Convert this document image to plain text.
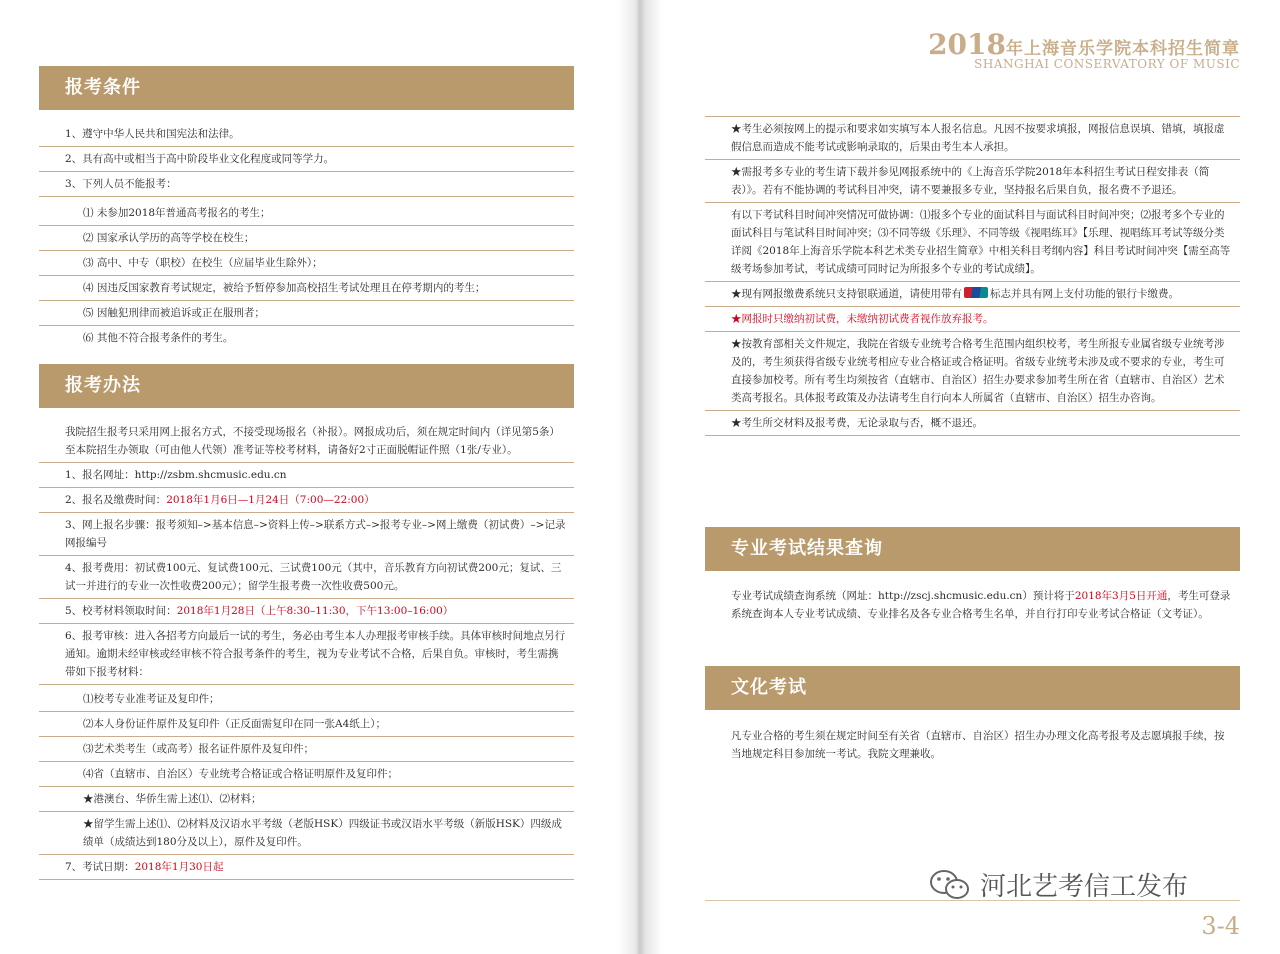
报考条件
1、遵守中华人民共和国宪法和法律。
2、具有高中或相当于高中阶段毕业文化程度或同等学力。
3、下列人员不能报考：
⑴ 未参加2018年普通高考报名的考生；
⑵ 国家承认学历的高等学校在校生；
⑶ 高中、中专（职校）在校生（应届毕业生除外）；
⑷ 因违反国家教育考试规定，被给予暂停参加高校招生考试处理且在停考期内的考生；
⑸ 因触犯刑律而被追诉或正在服刑者；
⑹ 其他不符合报考条件的考生。
报考办法
我院招生报考只采用网上报名方式，不接受现场报名（补报）。网报成功后，须在规定时间内（详见第5条）至本院招生办领取（可由他人代领）准考证等校考材料，请备好2寸正面脱帽证件照（1张/专业）。
1、报名网址：http://zsbm.shcmusic.edu.cn
2、报名及缴费时间：2018年1月6日—1月24日（7:00—22:00）
3、网上报名步骤：报考须知–>基本信息–>资料上传–>联系方式–>报考专业–>网上缴费（初试费）–>记录网报编号
4、报考费用：初试费100元、复试费100元、三试费100元（其中，音乐教育方向初试费200元；复试、三试一并进行的专业一次性收费200元）；留学生报考费一次性收费500元。
5、校考材料领取时间：2018年1月28日（上午8:30–11:30，下午13:00–16:00）
6、报考审核：进入各招考方向最后一试的考生，务必由考生本人办理报考审核手续。具体审核时间地点另行通知。逾期未经审核或经审核不符合报考条件的考生，视为专业考试不合格，后果自负。审核时，考生需携带如下报考材料：
⑴校考专业准考证及复印件；
⑵本人身份证件原件及复印件（正反面需复印在同一张A4纸上）；
⑶艺术类考生（或高考）报名证件原件及复印件；
⑷省（直辖市、自治区）专业统考合格证或合格证明原件及复印件；
★港澳台、华侨生需上述⑴、⑵材料；
★留学生需上述⑴、⑵材料及汉语水平考级（老版HSK）四级证书或汉语水平考级（新版HSK）四级成绩单（成绩达到180分及以上），原件及复印件。
7、考试日期：2018年1月30日起
2018年上海音乐学院本科招生简章
SHANGHAI CONSERVATORY OF MUSIC
★考生必须按网上的提示和要求如实填写本人报名信息。凡因不按要求填报，网报信息误填、错填，填报虚假信息而造成不能考试或影响录取的，后果由考生本人承担。
★需报考多专业的考生请下载并参见网报系统中的《上海音乐学院2018年本科招生考试日程安排表（简表）》。若有不能协调的考试科目冲突，请不要兼报多专业，坚持报名后果自负，报名费不予退还。
有以下考试科目时间冲突情况可做协调：⑴报多个专业的面试科目与面试科目时间冲突；⑵报考多个专业的面试科目与笔试科目时间冲突；⑶不同等级《乐理》、不同等级《视唱练耳》【乐理、视唱练耳考试等级分类详阅《2018年上海音乐学院本科艺术类专业招生简章》中相关科目考纲内容】科目考试时间冲突【需至高等级考场参加考试，考试成绩可同时记为所报多个专业的考试成绩】。
★现有网报缴费系统只支持银联通道，请使用带有	标志并具有网上支付功能的银行卡缴费。
★网报时只缴纳初试费，未缴纳初试费者视作放弃报考。
★按教育部相关文件规定，我院在省级专业统考合格考生范围内组织校考，考生所报专业属省级专业统考涉及的，考生须获得省级专业统考相应专业合格证或合格证明。省级专业统考未涉及或不要求的专业，考生可直接参加校考。所有考生均须按省（直辖市、自治区）招生办要求参加考生所在省（直辖市、自治区）艺术类高考报名。具体报考政策及办法请考生自行向本人所属省（直辖市、自治区）招生办咨询。
★考生所交材料及报考费，无论录取与否，概不退还。
专业考试结果查询
专业考试成绩查询系统（网址：http://zscj.shcmusic.edu.cn）预计将于2018年3月5日开通，考生可登录系统查询本人专业考试成绩、专业排名及各专业合格考生名单，并自行打印专业考试合格证（文考证）。
文化考试
凡专业合格的考生须在规定时间至有关省（直辖市、自治区）招生办办理文化高考报考及志愿填报手续，按当地规定科目参加统一考试。我院文理兼收。
河北艺考信工发布
3-4
